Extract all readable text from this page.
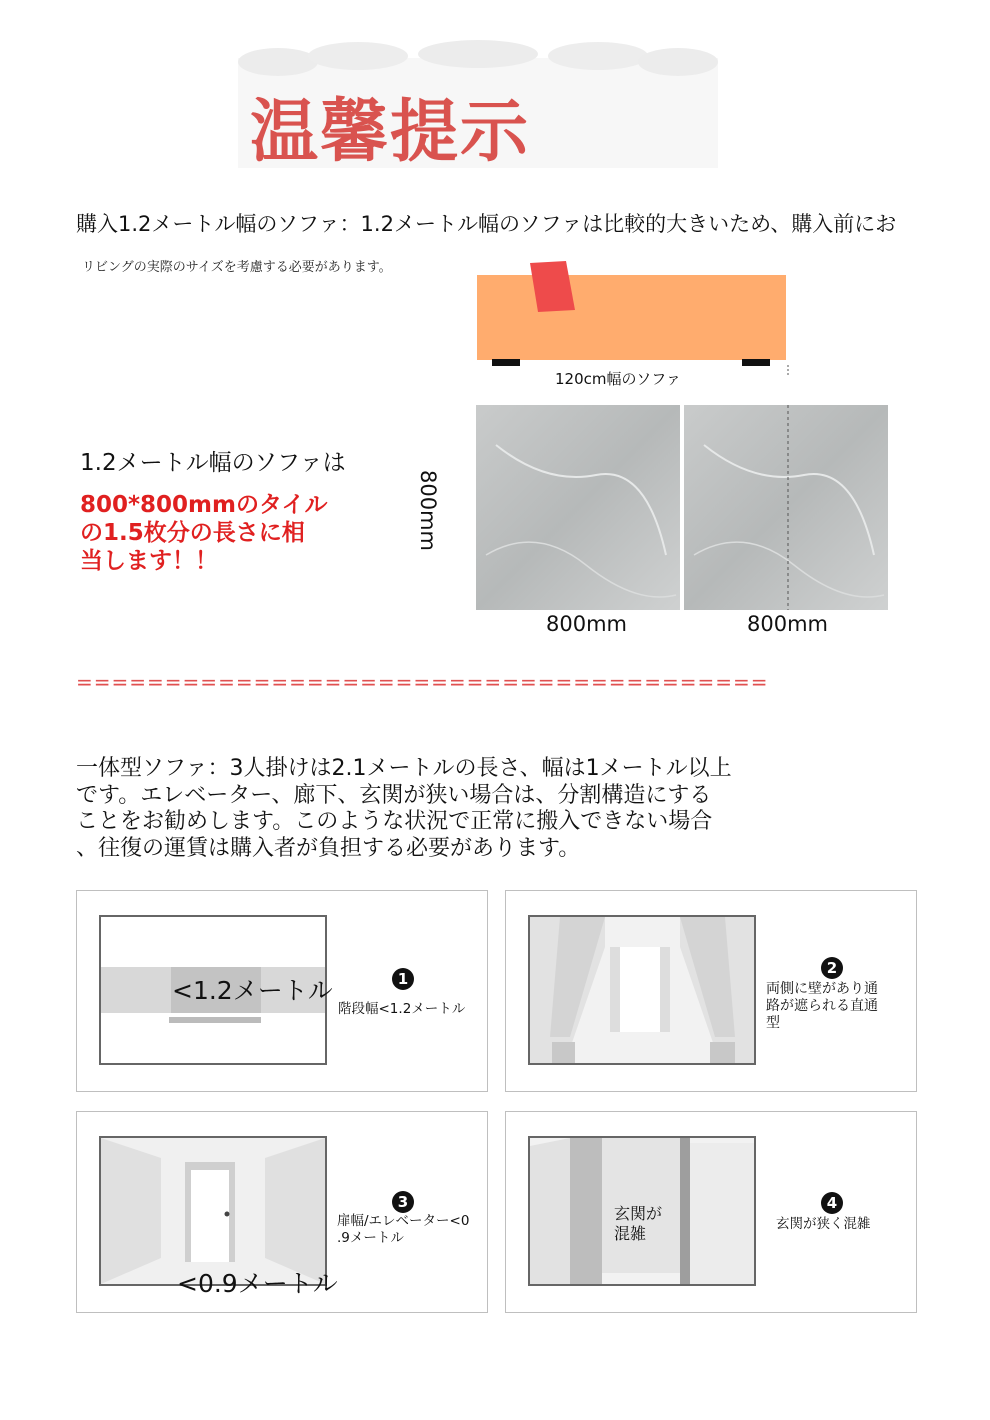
温馨提示
購入1.2メートル幅のソファ：1.2メートル幅のソファは比較的大きいため、購入前にお
リビングの実際のサイズを考慮する必要があります。
120cm幅のソファ
1.2メートル幅のソファは
800*800mmのタイル
の1.5枚分の長さに相
当します！！
800mm
800mm	800mm
=======================================
一体型ソファ：3人掛けは2.1メートルの長さ、幅は1メートル以上
です。エレベーター、廊下、玄関が狭い場合は、分割構造にする
ことをお勧めします。このような状況で正常に搬入できない場合
、往復の運賃は購入者が負担する必要があります。
<1.2メートル	1
階段幅<1.2メートル
2
両側に壁があり通
路が遮られる直通
型
<0.9メートル
3
扉幅/エレベーター<0
.9メートル
玄関が
混雑
4
玄関が狭く混雑
